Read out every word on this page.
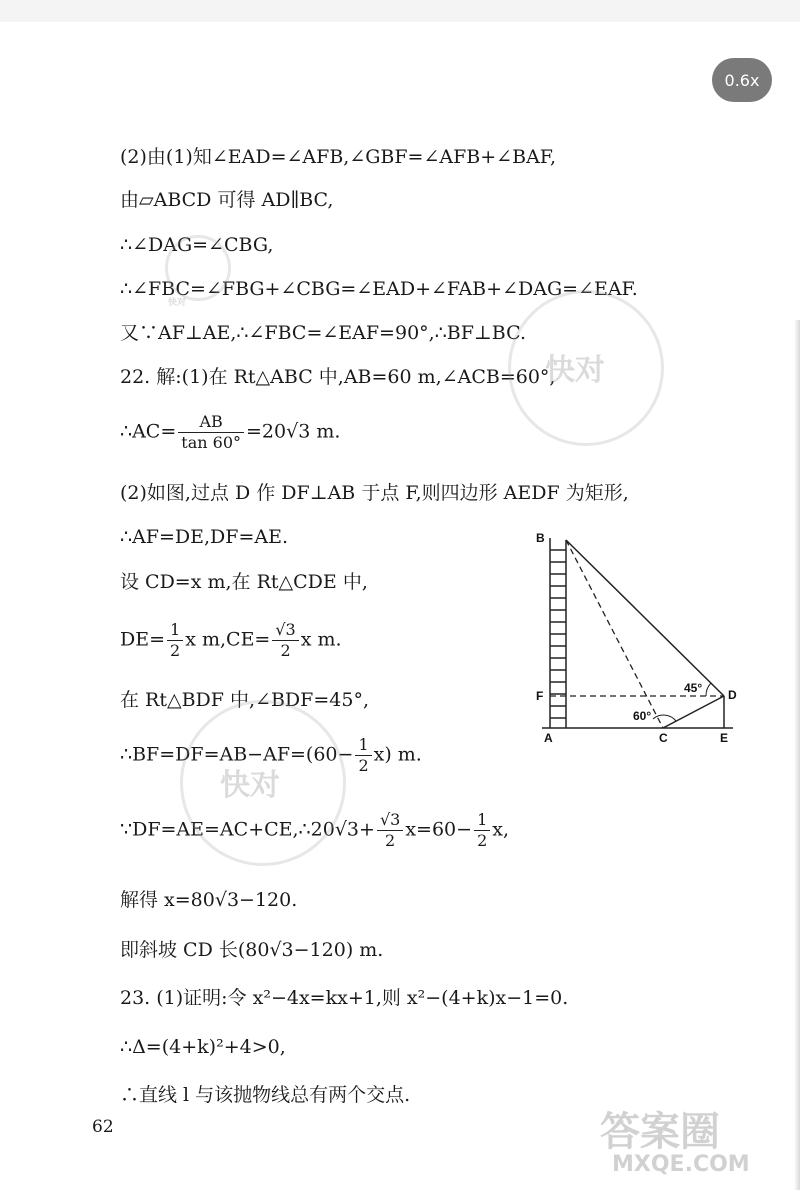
0.6x
(2)由(1)知∠EAD=∠AFB,∠GBF=∠AFB+∠BAF,
由▱ABCD 可得 AD∥BC,
∴∠DAG=∠CBG,
∴∠FBC=∠FBG+∠CBG=∠EAD+∠FAB+∠DAG=∠EAF.
又∵AF⊥AE,∴∠FBC=∠EAF=90°,∴BF⊥BC.
22. 解:(1)在 Rt△ABC 中,AB=60 m,∠ACB=60°,
∴AC= $\frac{AB}{\tan 60^\circ} =20√3$ m.
(2)如图,过点 D 作 DF⊥AB 于点 F,则四边形 AEDF 为矩形,
∴AF=DE,DF=AE.
设 CD=x m,在 Rt△CDE 中,
$DE= \frac{1}{2}$ x $m,CE= \frac{√3}{2}$ x m.
在 Rt△BDF 中,∠BDF=45°,
∴BF=DF=AB−AF=(60− $\frac{1}{2} x$) m.
∵DF=AE=AC+CE,∴20√3+ $\frac{√3}{2} x=60- \frac{1}{2} x$,
解得 x=80√3−120.
即斜坡 CD 长(80√3−120) m.
23. (1)证明:令 x²−4x=kx+1,则 x²−(4+k)x−1=0.
∴Δ=(4+k)²+4>0,
∴直线 l 与该抛物线总有两个交点.
62
B
F
A	C	E
D
45°
60°
快对
快对
快对
答案圈
MXQE.COM
